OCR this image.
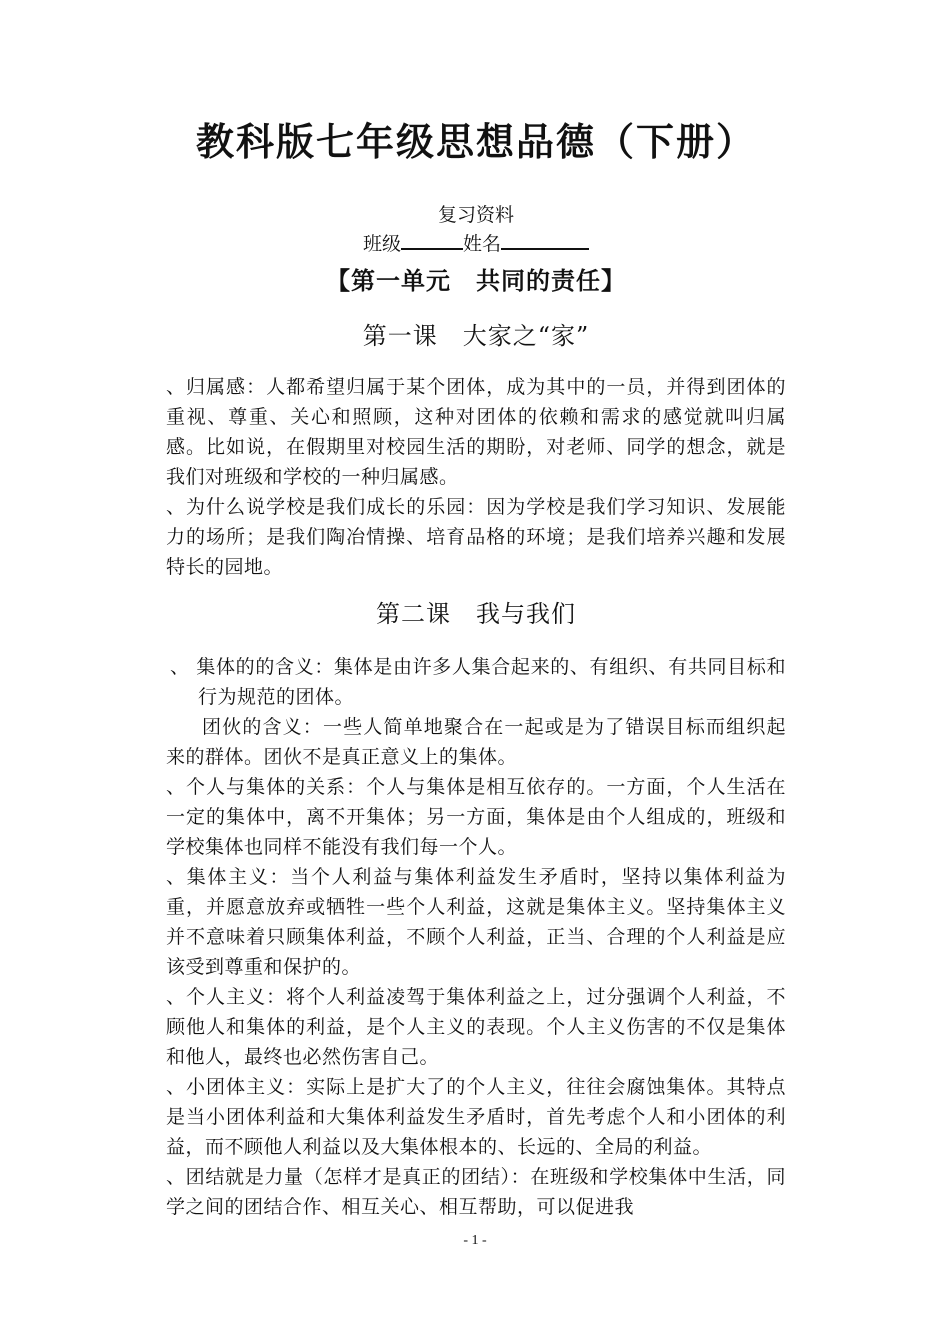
教科版七年级思想品德（下册）

复习资料

班级	姓名

【第一单元　共同的责任】
第一课　大家之“家”

、归属感：人都希望归属于某个团体，成为其中的一员，并得到团体的重视、尊重、关心和照顾，这种对团体的依赖和需求的感觉就叫归属感。比如说，在假期里对校园生活的期盼，对老师、同学的想念，就是我们对班级和学校的一种归属感。

、为什么说学校是我们成长的乐园：因为学校是我们学习知识、发展能力的场所；是我们陶冶情操、培育品格的环境；是我们培养兴趣和发展特长的园地。

第二课　我与我们

、 集体的的含义：集体是由许多人集合起来的、有组织、有共同目标和行为规范的团体。

团伙的含义：一些人简单地聚合在一起或是为了错误目标而组织起来的群体。团伙不是真正意义上的集体。

、个人与集体的关系：个人与集体是相互依存的。一方面，个人生活在一定的集体中，离不开集体；另一方面，集体是由个人组成的，班级和学校集体也同样不能没有我们每一个人。

、集体主义：当个人利益与集体利益发生矛盾时，坚持以集体利益为重，并愿意放弃或牺牲一些个人利益，这就是集体主义。坚持集体主义并不意味着只顾集体利益，不顾个人利益，正当、合理的个人利益是应该受到尊重和保护的。

、个人主义：将个人利益凌驾于集体利益之上，过分强调个人利益，不顾他人和集体的利益，是个人主义的表现。个人主义伤害的不仅是集体和他人，最终也必然伤害自己。

、小团体主义：实际上是扩大了的个人主义，往往会腐蚀集体。其特点是当小团体利益和大集体利益发生矛盾时，首先考虑个人和小团体的利益，而不顾他人利益以及大集体根本的、长远的、全局的利益。

、团结就是力量（怎样才是真正的团结）：在班级和学校集体中生活，同学之间的团结合作、相互关心、相互帮助，可以促进我

- 1 -
